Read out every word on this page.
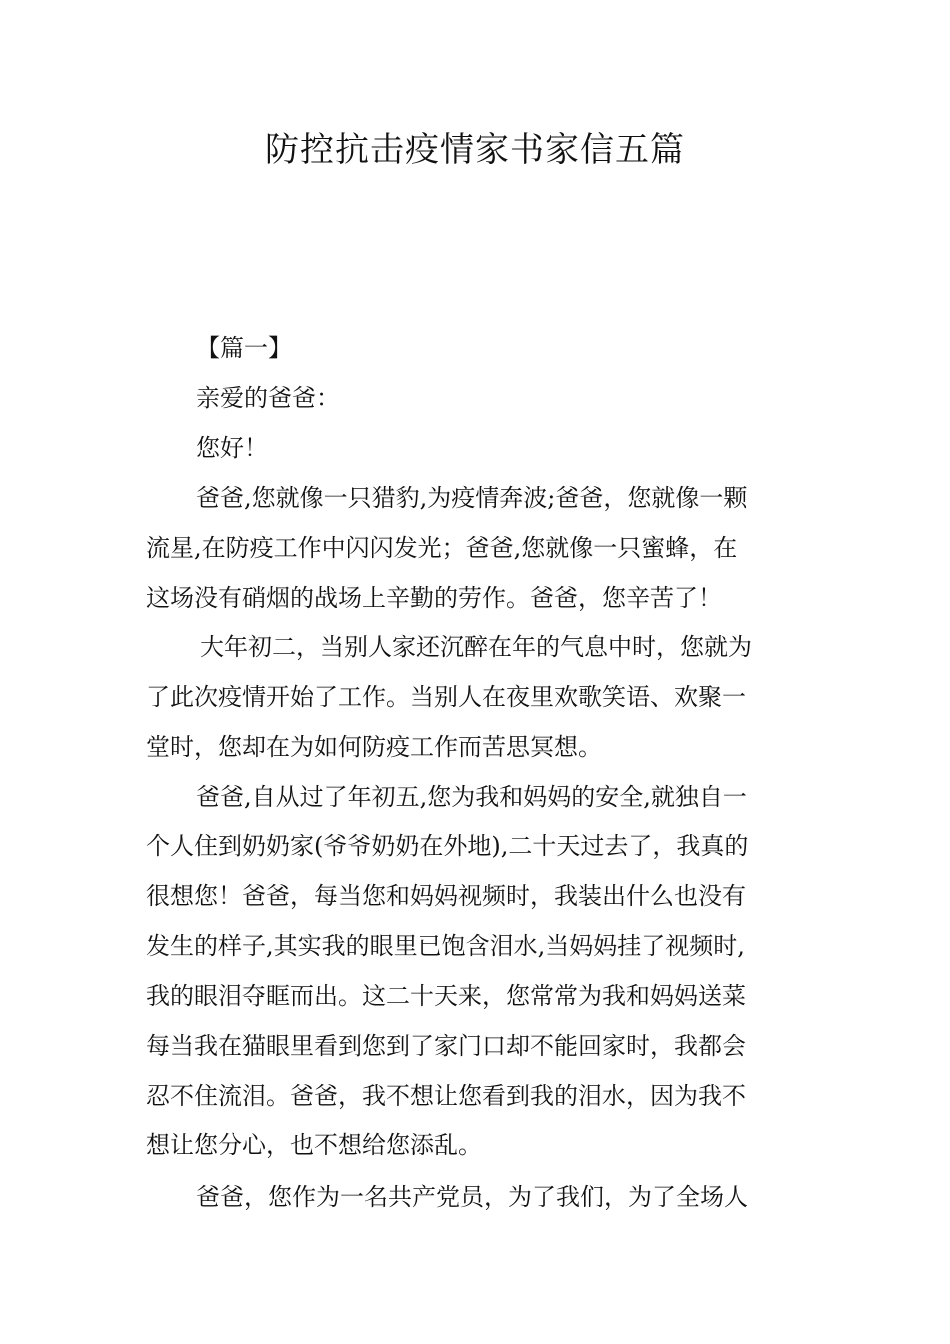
防控抗击疫情家书家信五篇

【篇一】

亲爱的爸爸：

您好！

爸爸,您就像一只猎豹,为疫情奔波;爸爸，您就像一颗

流星,在防疫工作中闪闪发光；爸爸,您就像一只蜜蜂，在

这场没有硝烟的战场上辛勤的劳作。爸爸，您辛苦了！

大年初二，当别人家还沉醉在年的气息中时，您就为

了此次疫情开始了工作。当别人在夜里欢歌笑语、欢聚一

堂时，您却在为如何防疫工作而苦思冥想。

爸爸,自从过了年初五,您为我和妈妈的安全,就独自一

个人住到奶奶家(爷爷奶奶在外地),二十天过去了，我真的

很想您！爸爸，每当您和妈妈视频时，我装出什么也没有

发生的样子,其实我的眼里已饱含泪水,当妈妈挂了视频时,

我的眼泪夺眶而出。这二十天来，您常常为我和妈妈送菜

每当我在猫眼里看到您到了家门口却不能回家时，我都会

忍不住流泪。爸爸，我不想让您看到我的泪水，因为我不

想让您分心，也不想给您添乱。

爸爸，您作为一名共产党员，为了我们，为了全场人
